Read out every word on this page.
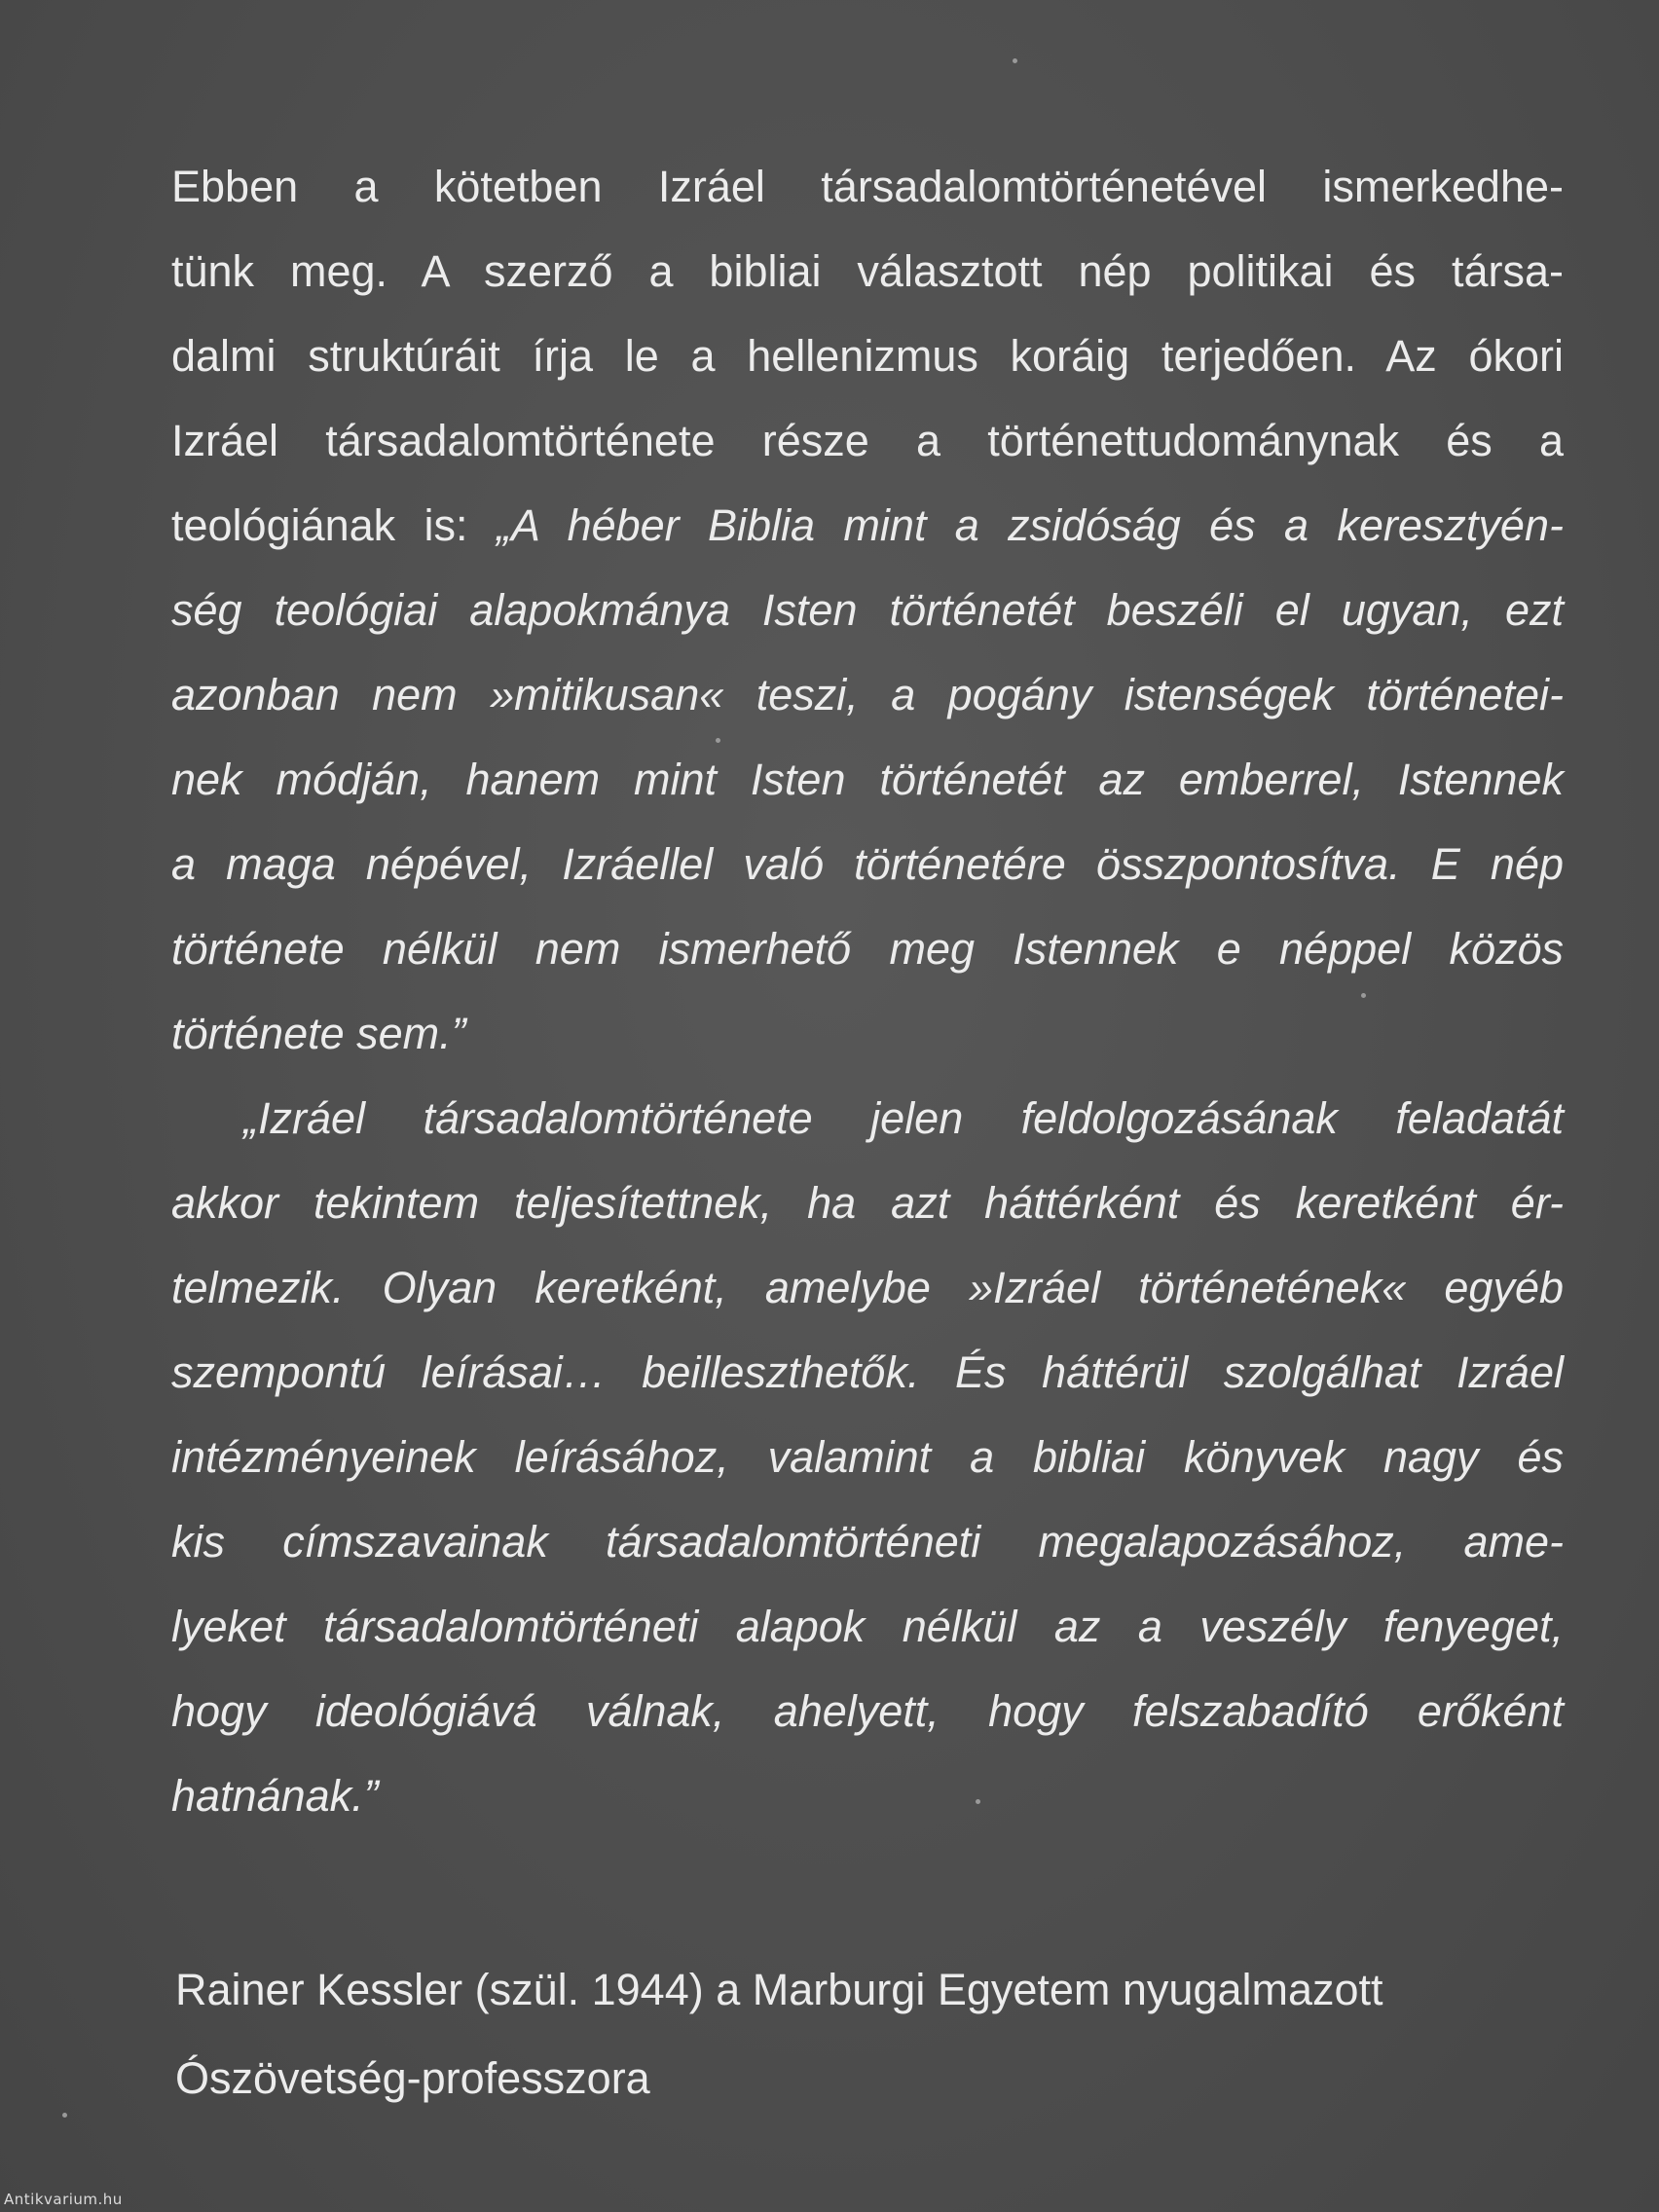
Ebben a kötetben Izráel társadalomtörténetével ismerkedhe-
tünk meg. A szerző a bibliai választott nép politikai és társa-
dalmi struktúráit írja le a hellenizmus koráig terjedően. Az ókori
Izráel társadalomtörténete része a történettudománynak és a
teológiának is: „A héber Biblia mint a zsidóság és a keresztyén-
ség teológiai alapokmánya Isten történetét beszéli el ugyan, ezt
azonban nem »mitikusan« teszi, a pogány istenségek történetei-
nek módján, hanem mint Isten történetét az emberrel, Istennek
a maga népével, Izráellel való történetére összpontosítva. E nép
története nélkül nem ismerhető meg Istennek e néppel közös
története sem.”
„Izráel társadalomtörténete jelen feldolgozásának feladatát
akkor tekintem teljesítettnek, ha azt háttérként és keretként ér-
telmezik. Olyan keretként, amelybe »Izráel történetének« egyéb
szempontú leírásai… beilleszthetők. És háttérül szolgálhat Izráel
intézményeinek leírásához, valamint a bibliai könyvek nagy és
kis címszavainak társadalomtörténeti megalapozásához, ame-
lyeket társadalomtörténeti alapok nélkül az a veszély fenyeget,
hogy ideológiává válnak, ahelyett, hogy felszabadító erőként
hatnának.”
Rainer Kessler (szül. 1944) a Marburgi Egyetem nyugalmazott
Ószövetség-professzora
Antikvarium.hu
